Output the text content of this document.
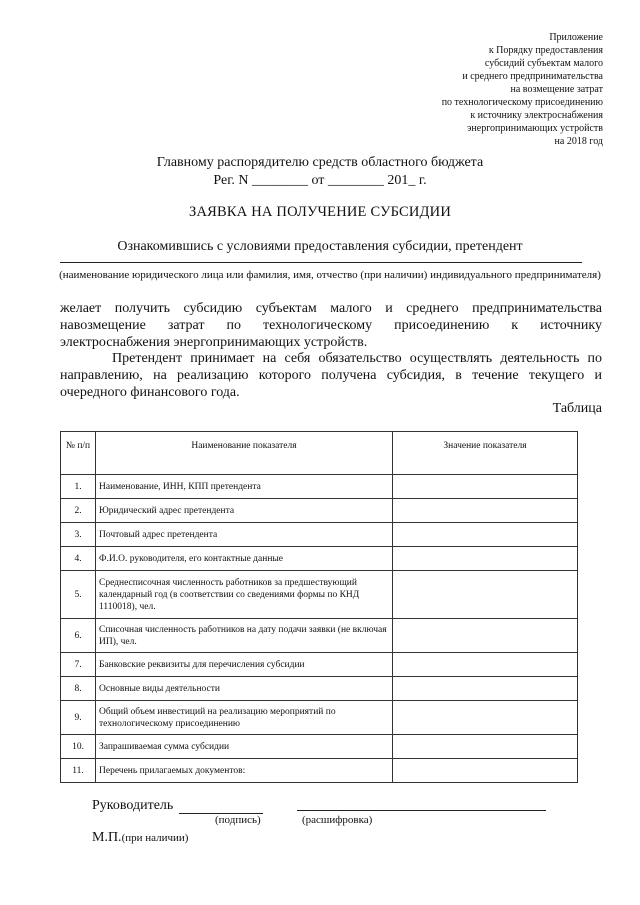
Приложение
к Порядку предоставления
субсидий субъектам малого
и среднего предпринимательства
на возмещение затрат
по технологическому присоединению
к источнику электроснабжения
энергопринимающих устройств
на 2018 год
Главному распорядителю средств областного бюджета
Рег. N ________ от ________ 201_ г.
ЗАЯВКА НА ПОЛУЧЕНИЕ СУБСИДИИ
Ознакомившись с условиями предоставления субсидии, претендент
(наименование юридического лица или фамилия, имя, отчество (при наличии) индивидуального предпринимателя)
желает получить субсидию субъектам малого и среднего предпринимательства навозмещение затрат по технологическому присоединению к источнику электроснабжения энергопринимающих устройств.
Претендент принимает на себя обязательство осуществлять деятельность по направлению, на реализацию которого получена субсидия, в течение текущего и очередного финансового года.
Таблица
№ п/п	Наименование показателя	Значение показателя
1.	Наименование, ИНН, КПП претендента	
2.	Юридический адрес претендента	
3.	Почтовый адрес претендента	
4.	Ф.И.О. руководителя, его контактные данные	
5.	Среднесписочная численность работников за предшествующий календарный год (в соответствии со сведениями формы по КНД 1110018), чел.	
6.	Списочная численность работников на дату подачи заявки (не включая ИП), чел.	
7.	Банковские реквизиты для перечисления субсидии	
8.	Основные виды деятельности	
9.	Общий объем инвестиций на реализацию мероприятий по технологическому присоединению	
10.	Запрашиваемая сумма субсидии	
11.	Перечень прилагаемых документов:	
Руководитель
(подпись)	(расшифровка)
М.П.(при наличии)
